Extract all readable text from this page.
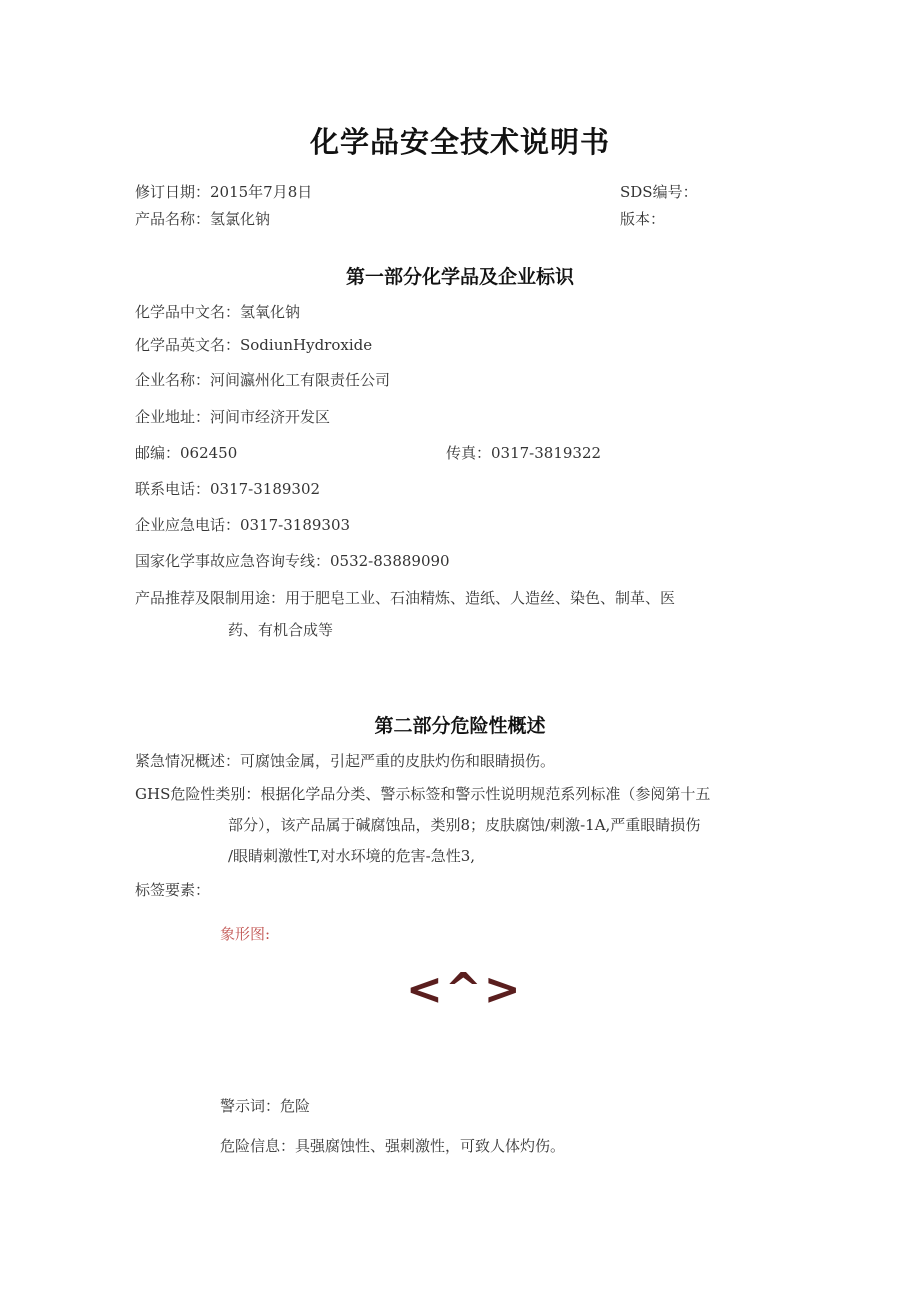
化学品安全技术说明书
修订日期：2015年7月8日	SDS编号：
产品名称：氢氯化钠	版本：
第一部分化学品及企业标识
化学品中文名：氢氧化钠
化学品英文名：SodiunHydroxide
企业名称：河间瀛州化工有限责任公司
企业地址：河间市经济开发区
邮编：062450	传真：0317-3819322
联系电话：0317-3189302
企业应急电话：0317-3189303
国家化学事故应急咨询专线：0532-83889090
产品推荐及限制用途：用于肥皂工业、石油精炼、造纸、人造丝、染色、制革、医
药、有机合成等
第二部分危险性概述
紧急情况概述：可腐蚀金属，引起严重的皮肤灼伤和眼睛损伤。
GHS危险性类别：根据化学品分类、警示标签和警示性说明规范系列标准（参阅第十五
部分），该产品属于碱腐蚀品，类别8；皮肤腐蚀/刺激-1A,严重眼睛损伤
/眼睛刺激性T,对水环境的危害-急性3,
标签要素：
象形图:
<^>
警示词：危险
危险信息：具强腐蚀性、强刺激性，可致人体灼伤。
